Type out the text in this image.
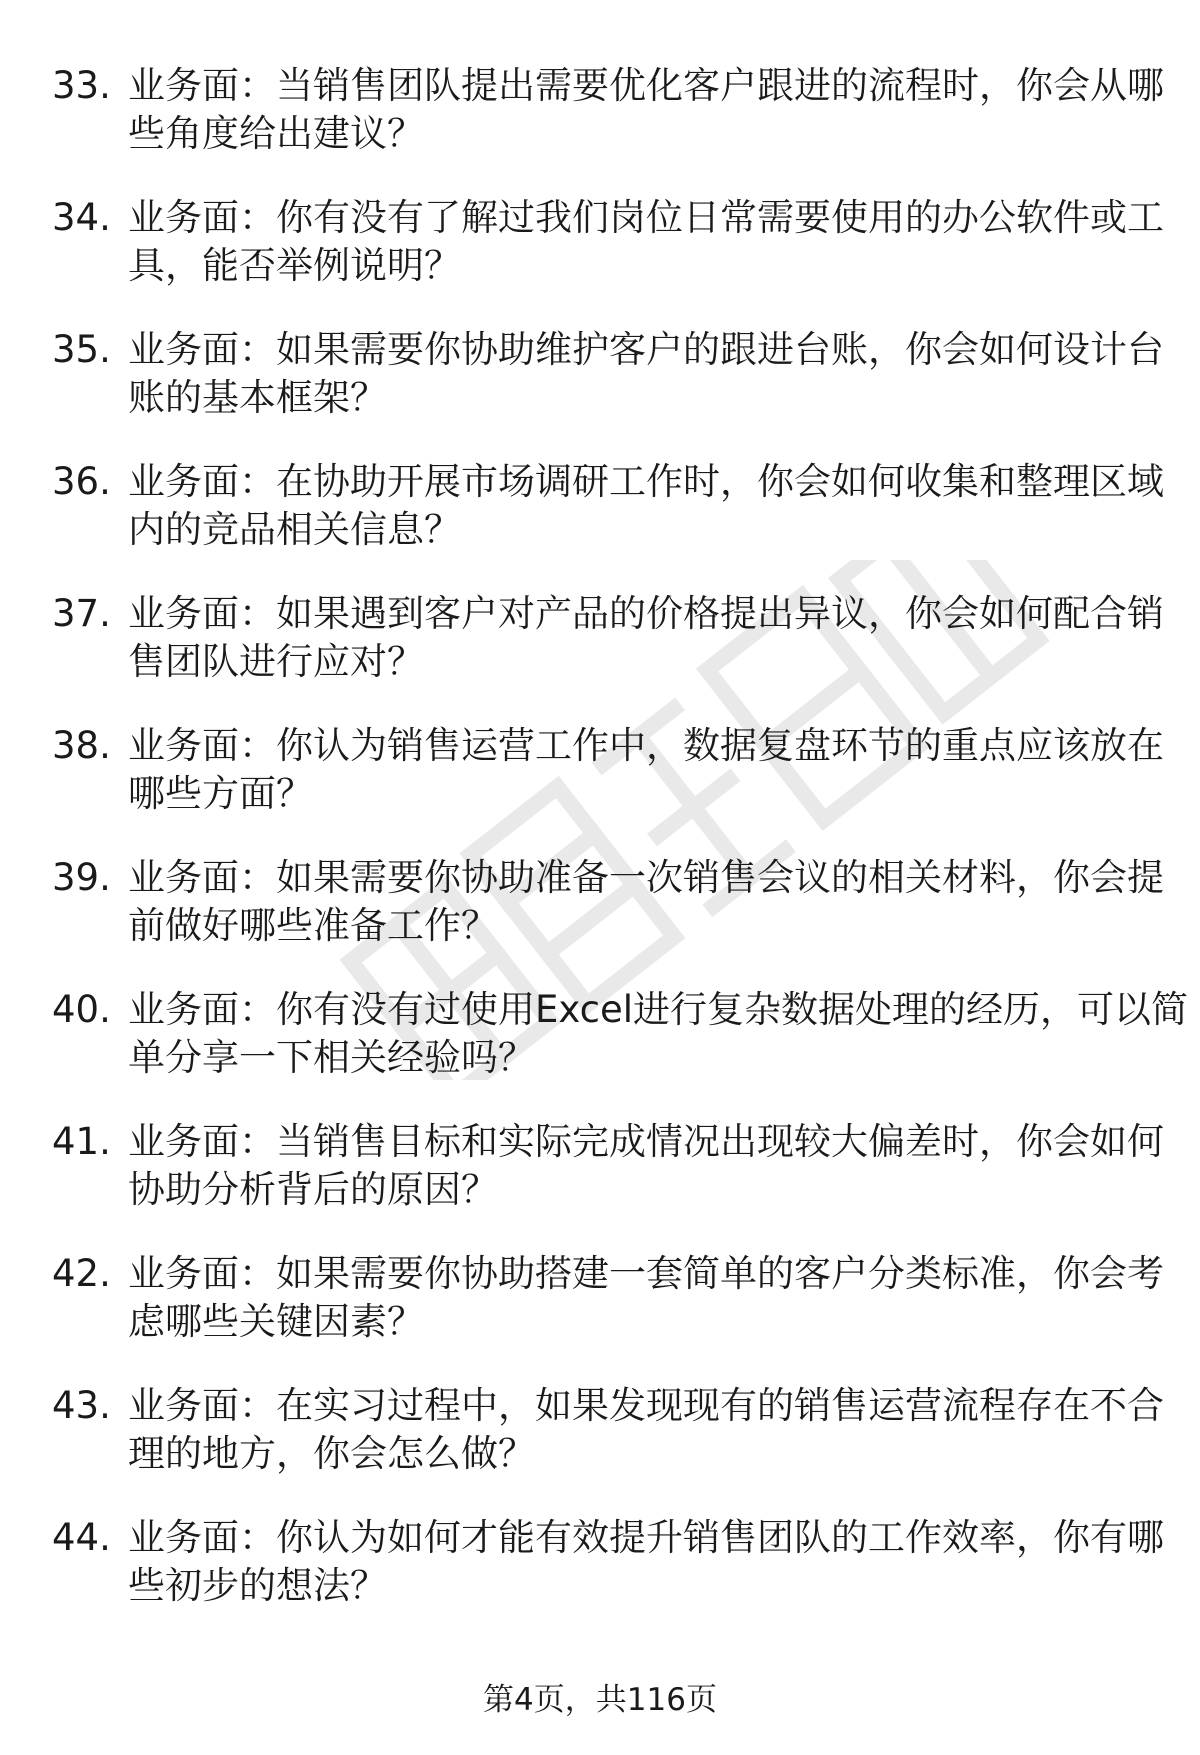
33. 业务面：当销售团队提出需要优化客户跟进的流程时，你会从哪
些角度给出建议？
34. 业务面：你有没有了解过我们岗位日常需要使用的办公软件或工
具，能否举例说明？
35. 业务面：如果需要你协助维护客户的跟进台账，你会如何设计台
账的基本框架？
36. 业务面：在协助开展市场调研工作时，你会如何收集和整理区域
内的竞品相关信息？
37. 业务面：如果遇到客户对产品的价格提出异议，你会如何配合销
售团队进行应对？
38. 业务面：你认为销售运营工作中，数据复盘环节的重点应该放在
哪些方面？
39. 业务面：如果需要你协助准备一次销售会议的相关材料，你会提
前做好哪些准备工作？
40. 业务面：你有没有过使用Excel进行复杂数据处理的经历，可以简
单分享一下相关经验吗？
41. 业务面：当销售目标和实际完成情况出现较大偏差时，你会如何
协助分析背后的原因？
42. 业务面：如果需要你协助搭建一套简单的客户分类标准，你会考
虑哪些关键因素？
43. 业务面：在实习过程中，如果发现现有的销售运营流程存在不合
理的地方，你会怎么做？
44. 业务面：你认为如何才能有效提升销售团队的工作效率，你有哪
些初步的想法？
第4页，共116页
